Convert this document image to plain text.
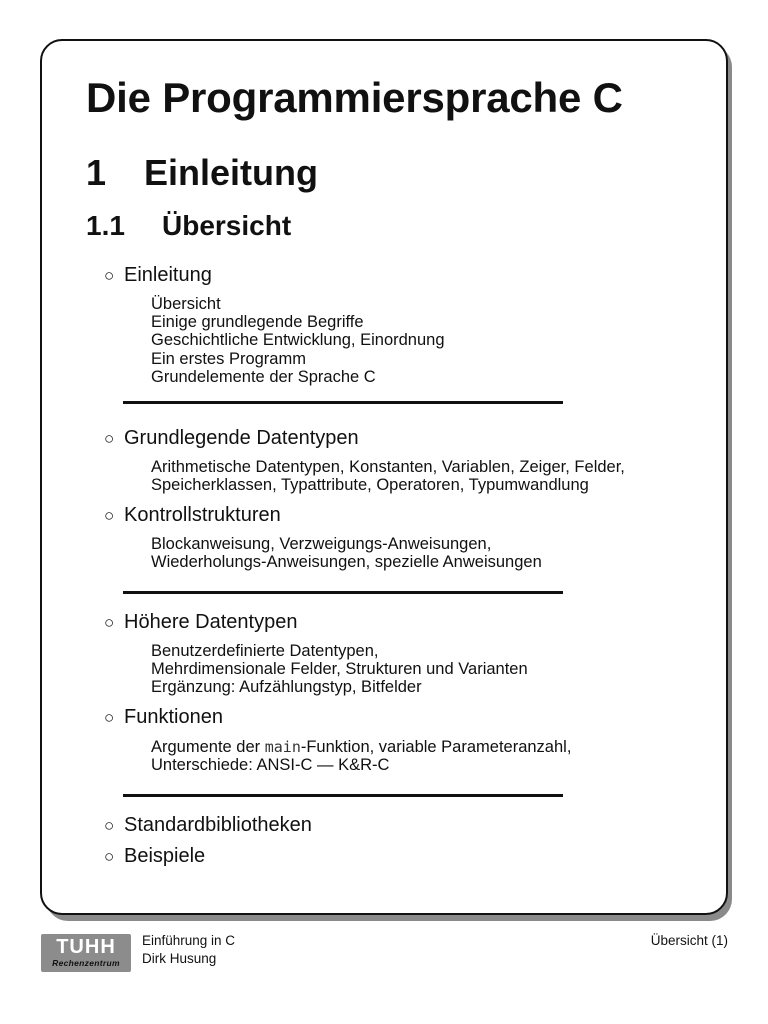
Die Programmiersprache C
1 Einleitung
1.1 Übersicht
○ Einleitung
Übersicht
Einige grundlegende Begriffe
Geschichtliche Entwicklung, Einordnung
Ein erstes Programm
Grundelemente der Sprache C
○ Grundlegende Datentypen
Arithmetische Datentypen, Konstanten, Variablen, Zeiger, Felder,
Speicherklassen, Typattribute, Operatoren, Typumwandlung
○ Kontrollstrukturen
Blockanweisung, Verzweigungs-Anweisungen,
Wiederholungs-Anweisungen, spezielle Anweisungen
○ Höhere Datentypen
Benutzerdefinierte Datentypen,
Mehrdimensionale Felder, Strukturen und Varianten
Ergänzung: Aufzählungstyp, Bitfelder
○ Funktionen
Argumente der main-Funktion, variable Parameteranzahl,
Unterschiede: ANSI-C — K&R-C
○ Standardbibliotheken
○ Beispiele
TUHH
Rechenzentrum
Einführung in C
Dirk Husung
Übersicht (1)
